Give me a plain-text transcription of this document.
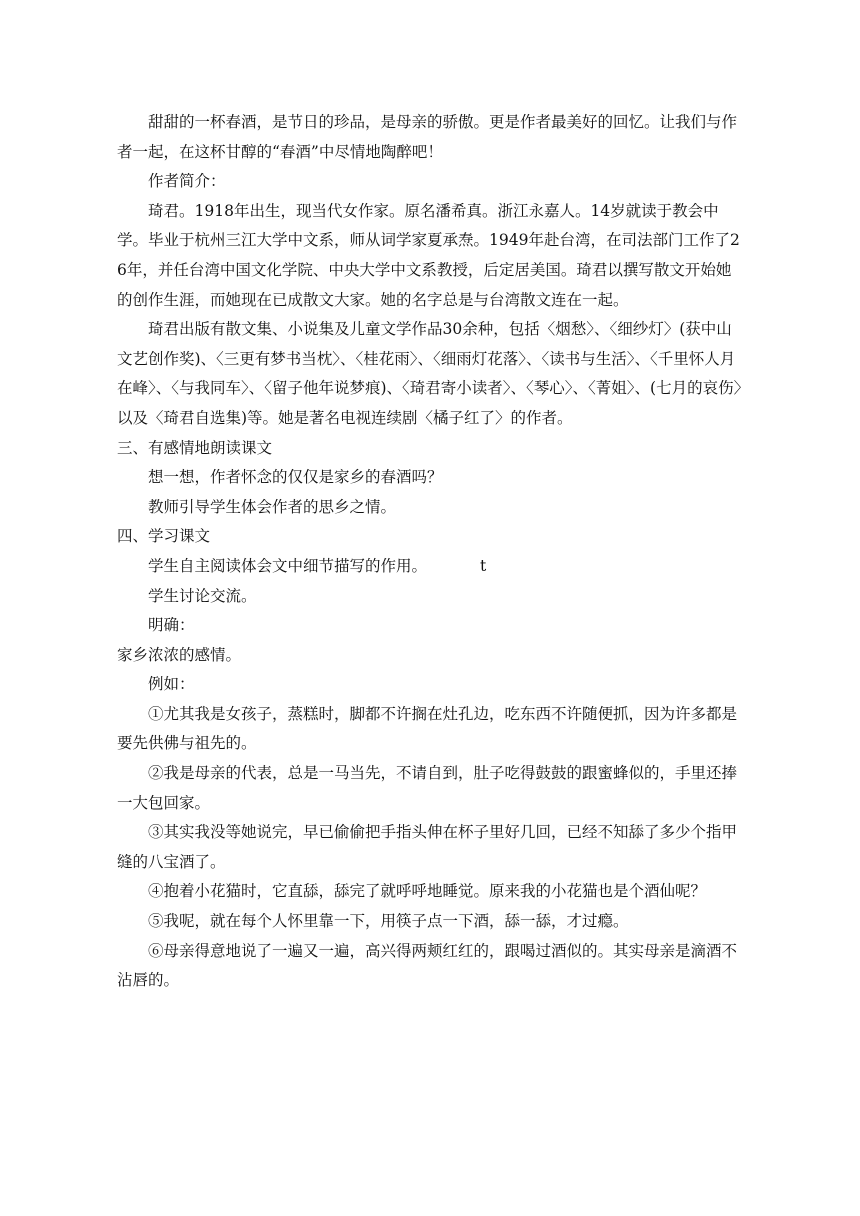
甜甜的一杯春酒，是节日的珍品，是母亲的骄傲。更是作者最美好的回忆。让我们与作者一起，在这杯甘醇的“春酒”中尽情地陶醉吧！

作者简介：

琦君。1918年出生，现当代女作家。原名潘希真。浙江永嘉人。14岁就读于教会中学。毕业于杭州三江大学中文系，师从词学家夏承焘。1949年赴台湾，在司法部门工作了26年，并任台湾中国文化学院、中央大学中文系教授，后定居美国。琦君以撰写散文开始她的创作生涯，而她现在已成散文大家。她的名字总是与台湾散文连在一起。

琦君出版有散文集、小说集及儿童文学作品30余种，包括〈烟愁〉、〈细纱灯〉(获中山文艺创作奖)、〈三更有梦书当枕〉、〈桂花雨〉、〈细雨灯花落〉、〈读书与生活〉、〈千里怀人月在峰〉、〈与我同车〉、〈留子他年说梦痕)、〈琦君寄小读者〉、〈琴心〉、〈菁姐〉、(七月的哀伤〉以及〈琦君自选集)等。她是著名电视连续剧〈橘子红了〉的作者。

三、有感情地朗读课文

想一想，作者怀念的仅仅是家乡的春酒吗？

教师引导学生体会作者的思乡之情。

四、学习课文

学生自主阅读体会文中细节描写的作用。	t

学生讨论交流。

明确：

家乡浓浓的感情。

例如：

①尤其我是女孩子，蒸糕时，脚都不许搁在灶孔边，吃东西不许随便抓，因为许多都是要先供佛与祖先的。

②我是母亲的代表，总是一马当先，不请自到，肚子吃得鼓鼓的跟蜜蜂似的，手里还捧一大包回家。

③其实我没等她说完，早已偷偷把手指头伸在杯子里好几回，已经不知舔了多少个指甲缝的八宝酒了。

④抱着小花猫时，它直舔，舔完了就呼呼地睡觉。原来我的小花猫也是个酒仙呢？

⑤我呢，就在每个人怀里靠一下，用筷子点一下酒，舔一舔，才过瘾。

⑥母亲得意地说了一遍又一遍，高兴得两颊红红的，跟喝过酒似的。其实母亲是滴酒不沾唇的。
